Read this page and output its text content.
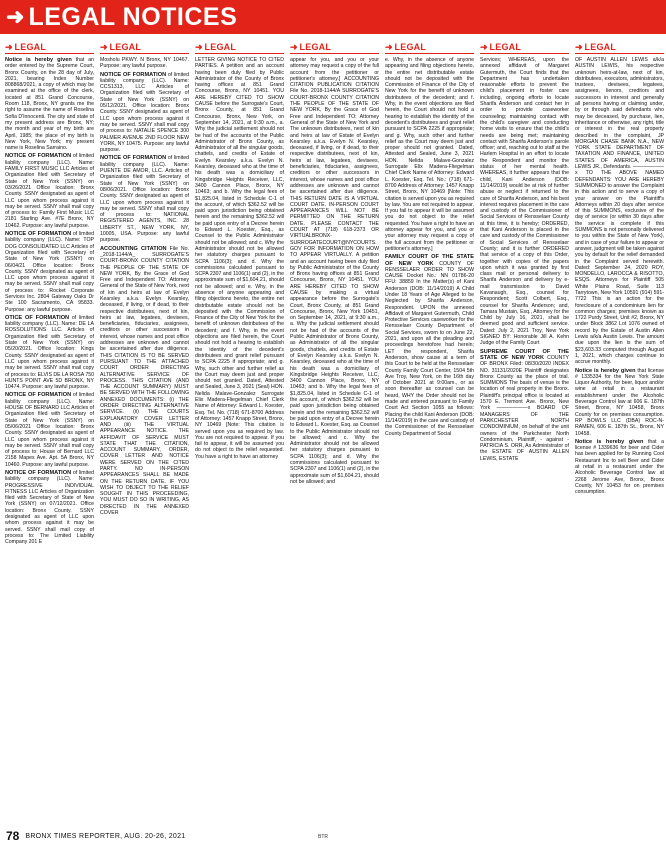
➜ LEGAL NOTICES
➜ LEGAL

Notice is hereby given that an order entered by the Supreme Court, Bronx County, on the 28 day of July, 2021, bearing Index Number 808868/2021, a copy of which may be examined at the office of the clerk, located at 851 Grand Concourse, Room 118, Bronx, NY grants me the right to assume the name of Roselina Sofia D'Innocenti. The city and state of my present address are Bronx, NY; the month and year of my birth are April, 1985; the place of my birth is New York, New York; my present name is Roselina Sarraino.

NOTICE OF FORMATION of limited liability company (LLC). Name: FAMILY FIRST MUSIC LLC Articles of Organization filed with Secretary of State of New York (SSNY) on 03/26/2021 Office location: Bronx County. SSNY designated as agent of LLC upon whom process against it may be served. SSNY shall mail copy of process to: Family First Music LLC 2181 Starling Ave. #7E Bronx, NY 10462. Purpose: any lawful purpose.

NOTICE OF FORMATION of limited liability company (LLC). Name: TOP DOG CONSOLIDATED LLC Articles of Organization filed with Secretary of State of New York (SSNY) on 06/04/21 Office location: Bronx County. SSNY designated as agent of LLC upon whom process against it may be served. SSNY shall mail copy of process to: Rocket Corporate Services Inc. 2804 Gateway Oaks Dr Ste 100 Sacramento, CA 95833. Purpose: any lawful purpose.

OTICE OF FORMATION of limited liability company (LLC). Name: DE LA ROSSOLUTIONS LLC. Articles of Organization filed with Secretary of State of New York (SSNY) on 05/20/2021. Office location: Kings County. SSNY designated as agent of LLC upon whom process against it may be served. SSNY shall mail copy of process to: ELVIS DE LA ROSA 750 HUNTS POINT AVE 5D BRONX, NY 10474. Purpose: any lawful purpose.

NOTICE OF FORMATION of limited liability company (LLC). Name: HOUSE OF BERNARD LLC Articles of Organization filed with Secretary of State of New York (SSNY) on 05/06/2021 Office location: Bronx County. SSNY designated as agent of LLC upon whom process against it may be served. SSNY shall mail copy of process to: House of Bernard LLC 2158 Mapes Ave. Apt. 5A Bronx, NY 10460. Purpose: any lawful purpose.

NOTICE OF FORMATION of limited liability company (LLC). Name: PROGRESSIVE INDIVIDUAL FITNESS LLC Articles of Organization filed with Secretary of State of New York (SSNY) on 07/12/2021. Office location: Bronx County. SSNY designated as agent of LLC upon whom process against it may be served. SSNY shall mail copy of process to: The Limited Liability Company 201 E

➜ LEGAL

Mosholu PKWY. N Bronx, NY 10467. Purpose: any lawful purpose.

NOTICE OF FORMATION of limited liability company (LLC). Name: CCS1313, LLC Articles of Organization filed with Secretary of State of New York (SSNY) on 05/12/2021. Office location: Bronx County. SSNY designated as agent of LLC upon whom process against it may be served. SSNY shall mail copy of process to: NATALIE SPENCE 300 PALMER AVENUE 2ND FLOOR NEW YORK, NY 10475. Purpose: any lawful purpose.

NOTICE OF FORMATION of limited liability company (LLC). Name: PUENTE DE AMOR, LLC. Articles of Organization filed with Secretary of State of New York (SSNY) on 08/06/2021. Office location: Bronx County. SSNY designated as agent of LLC upon whom process against it may be served. SSNY shall mail copy of process to: NATIONAL REGISTERED AGENTS, INC. 28 LIBERTY ST., NEW YORK, NY, 10005, USA. Purpose: any lawful purpose.

ACCOUNTING CITATION File No. _2018-1144/A_ SURROGATE'S COURT-BRONX COUNTY CITATION THE PEOPLE OF THE STATE OF NEW YORK, By the Grace of God Free and Independent TO: Attorney General of the State of New York, next of kin and heirs at law of Evelyn Kearsley a.k.a. Evelyn Kearsley, deceased, if living, or if dead, to their respective distributees, next of kin, heirs at law, legatees, devisees, beneficiaries, fiduciaries, assignees, creditors or other successors in interest, whose names and post office addresses are unknown and cannot be ascertained after due diligence. THIS CITATION IS TO BE SERVED PURSUANT TO THE ATTACHED COURT ORDER DIRECTING ALTERNATIVE SERVICE OF PROCESS. THIS CITATION (AND THE ACCOUNT SUMMARY) MUST BE SERVED WITH THE FOLLOWING ANNEXED DOCUMENTS: (i) THE ORDER DIRECTING ALTERNATIVE SERVICE. (ii) THE COURTS EXPLANATORY COVER LETTER AND (iii) THE VIRTUAL APPEARANCE NOTICE. THE AFFIDAVIT OF SERVICE MUST STATE THAT THE CITATION, ACCOUNT SUMMARY, ORDER, COVER LETTER AND NOTICE WERE SERVED ON THE CITED PARTY. NO IN-PERSON APPEARANCES SHALL BE MADE ON THE RETURN DATE. IF YOU WISH TO OBJECT TO THE RELIEF SOUGHT IN THIS PROCEEDING, YOU MUST DO SO IN WRITING, AS DIRECTED IN THE ANNEXED COVER

➜ LEGAL

LETTER GIVING NOTICE TO CITED PARTIES. A petition and an account having been duly filed by Public Administrator of the County of Bronx having offices at 851 Grand Concourse, Bronx, NY 10451. YOU ARE HEREBY CITED TO SHOW CAUSE before the Surrogate's Court, Bronx County, at 851 Grand Concourse, Bronx, New York, on September 14, 2021, at 9:30 a.m., a. Why the judicial settlement should not be had of the accounts of the Public Administrator of Bronx County, as Administrator of all the singular goods, chattels, and credits of Estate of Evelyn Kearsley a.k.a. Evelyn N. Kearsley, deceased who at the time of his death was a domiciliary of Kingsbridge Heights Receiver, LLC, 3400 Cannon Place, Bronx, NY 10463; and b. Why the legal fees of $1,825.04, listed in Schedule C-1 of the account, of which $362.52 will be paid upon jurisdiction being obtained herein and the remaining $362.52 will be paid upon entry of a Decree herein to Edward L. Koester, Esq., as Counsel to the Public Administrator should not be allowed; and c. Why the Administrator should not be allowed her statutory charges pursuant to SCPA 1106(3); and d. Why the commissions calculated pursuant to SCPA 2307 and 1106(1) and (2), in the approximate sum of $1,604.21, should not be allowed; and e. Why, in the absence of anyone appearing and filing objections hereto, the entire net distributable estate should not be deposited with the Commission of Finance of the City of New York for the benefit of unknown distributees of the decedent; and f. Why, in the event objections are filed herein, the Court should not hold a hearing to establish the identity of the decedent's distributees and grant relief pursuant to SCPA 2225 if appropriate; and g. Why, such other and further relief as the Court may deem just and proper should not granted. Dated, Attested and Sealed, June 3, 2021 (Seal) HON. Nelida Malave-Gonzalez Surrogate Elix Madera-Fliegelman Chief Clerk Name of Attorney: Edward L. Koester, Esq. Tel. No. (718) 671-8700 Address of Attorney: 1457 Knapp Street, Bronx, NY 10469 [Note: This citation is served upon you as required by law. You are not required to appear. If you fail to appear, it will be assumed you do not object to the relief requested. You have a right to have an attorney

➜ LEGAL

appear for you, and you or your attorney may request a copy of the full account from the petitioner or petitioner's attorney.] ACCOUNTING CITATION PUBLICATION CITATION File No. 2018-1144/A SURROGATE'S COURT-BRONX COUNTY CITATION THE PEOPLE OF THE STATE OF NEW YORK, By the Grace of God Free and Independent TO: Attorney General of the State of New York and The unknown distributees, next of kin and heirs at law of Estate of Evelyn Kearsley a.k.a. Evelyn N. Kearsley, deceased, if living, or if dead, to their respective distributees, next of kin, heirs at law, legatees, devisees, beneficiaries, fiduciaries, assignees, creditors or other successors in interest, whose names and post office addresses are unknown and cannot be ascertained after due diligence. THIS RETURN DATE IS A VIRTUAL COURT DATE. IN-PERSON COURT APPEARANCES WILL NOT BE PERMITTED ON THE RETURN DATE. PLEASE CONTACT THE COURT AT (718) 618-2373 OR VIRTUALBRONX-SURROGATECOURT@NYCOURTS.GOV FOR INFORMATION ON HOW TO APPEAR VIRTUALLY. A petition and an account having been duly filed by Public Administrator of the County of Bronx having offices at 851 Grand Concourse, Bronx, NY 10451. YOU ARE HEREBY CITED TO SHOW CAUSE by making a virtual appearance before the Surrogate's Court, Bronx County, at 851 Grand Concourse, Bronx, New York 10451, on September 14, 2021, at 9:30 a.m., a. Why the judicial settlement should not be had of the accounts of the Public Administrator of Bronx County, as Administrator of all the singular goods, chattels, and credits of Estate of Evelyn Kearsley a.k.a. Evelyn N. Kearsley, deceased who at the time of his death was a domiciliary of Kingsbridge Heights Receiver, LLC, 3400 Cannon Place, Bronx, NY 10463; and b. Why the legal fees of $1,825.04, listed in Schedule C-1 of the account, of which $362.52 will be paid upon jurisdiction being obtained herein and the remaining $362.52 will be paid upon entry of a Decree herein to Edward L. Koester, Esq. as Counsel to the Public Administrator should not be allowed; and c. Why the Administrator should not be allowed her statutory charges pursuant to SCPA 1106(3); and d. Why the commissions calculated pursuant to SCPA 2307 and 1106(1) and (2), in the approximate sum of $1,604.21, should not be allowed; and

➜ LEGAL

e. Why, in the absence of anyone appearing and filing objections hereto, the entire net distributable estate should not be deposited with the Commission of Finance of the City of New York for the benefit of unknown distributees of the decedent; and f. Why, in the event objections are filed herein, the Court should not hold a hearing to establish the identity of the decedent's distributees and grant relief pursuant to SCPA 2225 if appropriate; and g. Why, such other and further relief as the Court may deem just and proper should not granted. Dated, Attested and Sealed, June 3, 2021 HON. Nelida Malave-Gonzalez Surrogate Elix Madera-Fliegelman Chief Clerk Name of Attorney: Edward L. Koester, Esq. Tel. No.: (718) 671-8700 Address of Attorney: 1457 Knapp Street, Bronx, NY 10469 [Note: This citation is served upon you as required by law. You are not required to appear. If you fail to appear it will be assumed you do not object to the relief requested. You have a right to have an attorney appear for you, and you or your attorney may request a copy of the full account from the petitioner or petitioner's attorney.]

FAMILY COURT OF THE STATE OF NEW YORK COUNTY OF RENSSELAER ORDER TO SHOW CAUSE Docket No.: NN 01786-20 FFU: 38859 In the Matter(s) of Kani Anderson (DOB: 11/14/2019) A Child Under 18 Years of Age Alleged to be Neglected by Sharifa Anderson, Respondent. UPON the annexed Affidavit of Margaret Gutermuth, Child Protective Services caseworker for the Rensselaer County Department of Social Services, sworn to on June 22, 2021, and upon all the pleading and proceedings heretofore had herein; LET the respondent, Sharifa Anderson, show cause at a term of this Court to be held at the Rensselaer County Family Court Center, 1504 5th Ave Troy, New York, on the 16th day of October 2021 at 9:00am., or as soon thereafter as counsel can be heard, WHY the Order should not be made and entered pursuant to Family Court Act Section 1055 as follows: Placing the child Kani Anderson (DOB: 11/14/2019) in the care and custody of the Commissioner of the Rensselaer County Department of Social

➜ LEGAL

Services; WHEREAS, upon the annexed affidavit of Margaret Gutermuth, the Court finds that the Department has undertaken reasonable efforts to prevent the child's placement in foster care including, ongoing efforts to locate Sharifa Anderson and contact her in order to provide caseworker counseling; maintaining contact with the child's caregiver and conducting home visits to ensure that the child's needs are being met; maintaining contact with Sharifa Anderson's parole officer; and, reaching out to staff at the Harlem Hospital in an effort to locate the Respondent and monitor the status of her mental health. WHEREAS, it further appears that the child, Kani Anderson (DOB: 11/14/2019) would be at risk of further abuse or neglect if returned to the care of Sharifa Anderson, and his best interest requires placement in the care and custody of the Commissioner of Social Services of Rensselaer County at this time, it is hereby; ORDERED, that Kani Anderson is placed in the care and custody of the Commissioner of Social Services of Rensselaer County; and it is further ORDERED that service of a copy of this Order, together with copies of the papers upon which it was granted by first class mail or personal delivery to Sharifa Anderson and delivery by e-mail transmission to David Kavanaugh, Esq., counsel for Respondent; Scott Colbert, Esq., counsel for Sharifa Anderson; and, Tamara Mustain, Esq., Attorney for the Child by July 16, 2021, shall be deemed good and sufficient service. Dated: July 2, 2021 Troy, New York SIGNED BY: Honorable Jill A. Kehn Judge of the Family Court

SUPREME COURT OF THE STATE OF NEW YORK COUNTY OF BRONX Filed: 08/30/2020 INDEX NO. 31131/2020E Plaintiff designates Bronx County as the place of trial. SUMMONS The basis of venue is the location of real property in the Bronx. Plaintiff's principal office is located at 1570 E. Tremont Ave. Bronx, New York ——————x BOARD OF MANAGERS OF THE PARKCHESTER NORTH CONDOMINIUM, on behalf of the unit owners of the Parkchester North Condominium, Plaintiff, - against - PATRICIA S. ORR, As Administrator of the ESTATE OF AUSTIN ALLEN LEWIS, ESTATE

➜ LEGAL

OF AUSTIN ALLEN LEWIS a/k/a AUSTIN LEWIS, his respective unknown heirs-at-law, next of kin, distributees, executors, administrators, trustees, devisees, legatees, assignees, lienors, creditors and successors in interest and generally all persons having or claiming under, by or through said defendants who may be deceased, by purchase, lien, inheritance or otherwise, any right, title or interest in the real property described in the complaint, JP MORGAN CHASE BANK N.A., NEW YORK STATE DEPARTMENT OF TAXATION AND FINANCE, UNITED STATES OF AMERICA, AUSTIN LEWIS JR., Defendants. ——————x TO THE ABOVE NAMED DEFENDANTS: YOU ARE HEREBY SUMMONED to answer the Complaint in this action and to serve a copy of your answer on the Plaintiff's Attorneys within 20 days after service of this SUMMONS, exclusive of the day of service (or within 30 days after the service is complete if this SUMMONS is not personally delivered to you within the State of New York), and in case of your failure to appear or answer, judgment will be taken against you by default for the relief demanded in the Complaint served herewith. Dated: September 24, 2020 ROY, MONDELLO, LAROCCA & RISOTTO, ESQS. Attorneys for Plaintiff 505 White Plains Road, Suite 113 Tarrytown, New York 10591 (914) 591-7722 This is an action for the foreclosure of a condominium lien for common charges; premises known as 1722 Purdy Street, Unit #2, Bronx, NY under Block 3862 Lot 1076 owned of record by the Estate of Austin Allen Lewis a/k/a Austin Lewis. The amount due upon the lien is the sum of $23,603.33 computed through August 1, 2021, which charges continue to accrue monthly.

Notice is hereby given that license # 1335334 for the New York State Liquor Authority, for beer, liquor and/or wine at retail in a restaurant establishment under the Alcoholic Beverage Control law at 606 E. 187th Street, Bronx, NY 10458, Bronx County for on premises consumption. RP BOWLS LLC (DBA) ROC-N-RAMEN, 606 E. 187th St., Bronx, NY 10458.

Notice is hereby given that a license # 1339636 for beer and Cider has been applied for by Running Cool Restaurant Inc to sell Beer and Cider at retail in a restaurant under the Alcoholic Beverage Control law at 2268 Jerome Ave, Bronx, Bronx County, NY 10453 for on premises consumption.

78 BRONX TIMES REPORTER, AUG. 20-26, 2021	BTR
